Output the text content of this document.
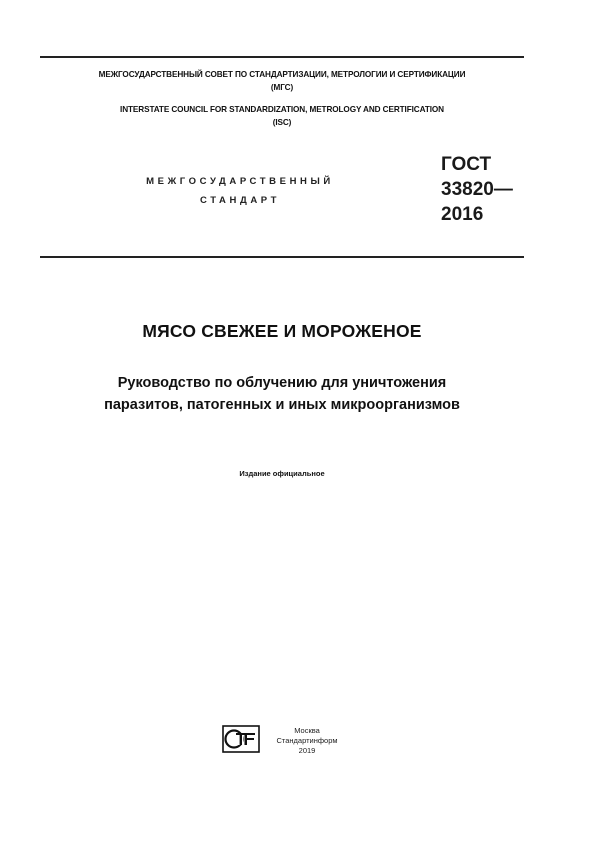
МЕЖГОСУДАРСТВЕННЫЙ СОВЕТ ПО СТАНДАРТИЗАЦИИ, МЕТРОЛОГИИ И СЕРТИФИКАЦИИ
(МГС)
INTERSTATE COUNCIL FOR STANDARDIZATION, METROLOGY AND CERTIFICATION
(ISC)
МЕЖГОСУДАРСТВЕННЫЙ
СТАНДАРТ
ГОСТ
33820—
2016
МЯСО СВЕЖЕЕ И МОРОЖЕНОЕ
Руководство по облучению для уничтожения
паразитов, патогенных и иных микроорганизмов
Издание официальное
Москва
Стандартинформ
2019
